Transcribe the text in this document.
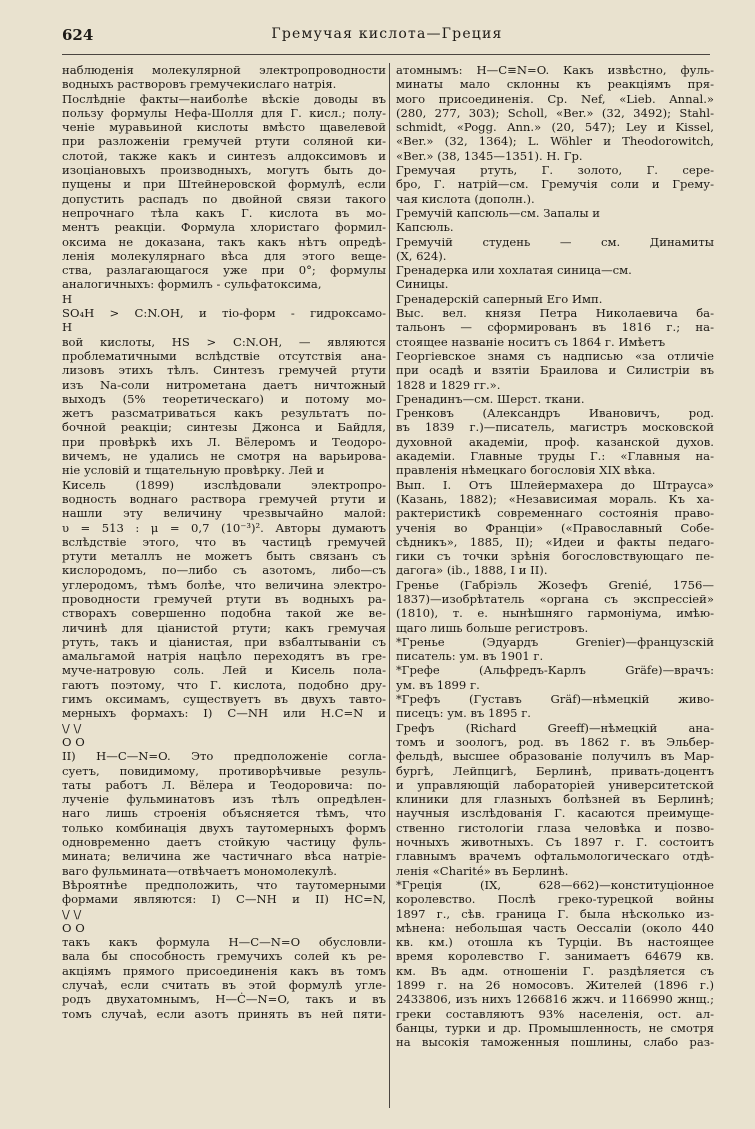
624	Гремучая кислота—Греция
наблюденія молекулярной электропроводности
водныхъ растворовъ гремучекислаго натрія.
Послѣдніе факты—наиболѣе вѣскіе доводы въ
пользу формулы Нефа-Шолля для Г. кисл.; полу-
ченіе муравьиной кислоты вмѣсто щавелевой
при разложеніи гремучей ртути соляной ки-
слотой, также какъ и синтезъ алдоксимовъ и
изоціановыхъ производныхъ, могутъ быть до-
пущены и при Штейнеровской формулѣ, если
допустить распадъ по двойной связи такого
непрочнаго тѣла какъ Г. кислота въ мо-
ментъ реакціи. Формула хлористаго формил-
оксима не доказана, такъ какъ нѣтъ опредѣ-
ленія молекулярнаго вѣса для этого веще-
ства, разлагающагося уже при 0°; формулы
аналогичныхъ: формилъ - сульфатоксима,
H
SO₄H > C:N.OH, и тіо-форм - гидроксамо-
H
вой кислоты, HS > C:N.OH, — являются
проблематичными вслѣдствіе отсутствія ана-
лизовъ этихъ тѣлъ. Синтезъ гремучей ртути
изъ Na-соли нитрометана даетъ ничтожный
выходъ (5% теоретическаго) и потому мо-
жетъ разсматриваться какъ результатъ по-
бочной реакціи; синтезы Джонса и Байдля,
при провѣркѣ ихъ Л. Вёлеромъ и Теодоро-
вичемъ, не удались не смотря на варьирова-
ніе условій и тщательную провѣрку. Лей и
Кисель (1899) изслѣдовали электропро-
водность воднаго раствора гремучей ртути и
нашли эту величину чрезвычайно малой:
υ = 513 : μ = 0,7 (10⁻³)². Авторы думаютъ
вслѣдствіе этого, что въ частицѣ гремучей
ртути металлъ не можетъ быть связанъ съ
кислородомъ, по—либо съ азотомъ, либо—съ
углеродомъ, тѣмъ болѣе, что величина электро-
проводности гремучей ртути въ водныхъ ра-
створахъ совершенно подобна такой же ве-
личинѣ для ціанистой ртути; какъ гремучая
ртуть, такъ и ціанистая, при взбалтываніи съ
амальгамой натрія нацѣло переходятъ въ гре-
муче-натровую соль. Лей и Кисель пола-
гаютъ поэтому, что Г. кислота, подобно дру-
гимъ оксимамъ, существуетъ въ двухъ тавто-
мерныхъ формахъ: I) C—NH или H.C=N и
\/ \/
O O
II) H—C—N=O. Это предположеніе соглa-
суетъ, повидимому, противорѣчивые резуль-
таты работъ Л. Вёлера и Теодоровича: по-
лученіе фульминатовъ изъ тѣлъ опредѣлен-
наго лишь строенія объясняется тѣмъ, что
только комбинація двухъ таутомерныхъ формъ
одновременно даетъ стойкую частицу фуль-
мината; величина же частичнаго вѣса натріе-
ваго фульмината—отвѣчаетъ мономолекулѣ.
Вѣроятнѣе предположить, что таутомерными
формами являются: I) C—NH и II) HC=N,
\/ \/
O O
такъ какъ формула H—C—N=O обусловли-
вала бы способность гремучихъ солей къ ре-
акціямъ прямого присоединенія какъ въ томъ
случаѣ, если считать въ этой формулѣ угле-
родъ двухатомнымъ, H—Ċ—N=O, такъ и въ
томъ случаѣ, если азотъ принять въ ней пяти-
атомнымъ: H—C≡N=O. Какъ извѣстно, фуль-
минаты мало склонны къ реакціямъ пря-
мого присоединенія. Ср. Nef, «Lieb. Annal.»
(280, 277, 303); Scholl, «Ber.» (32, 3492); Stahl-
schmidt, «Pogg. Ann.» (20, 547); Ley и Kissel,
«Ber.» (32, 1364); L. Wöhler и Theodorowitch,
«Ber.» (38, 1345—1351). Н. Гр.
Гремучая ртуть, Г. золото, Г. сере-
бро, Г. натрій—см. Гремучія соли и Грему-
чая кислота (дополн.).
Гремучій капсюль—см. Запалы и
Капсюль.
Гремучій студень — см. Динамиты
(X, 624).
Гренадерка или хохлатая синица—см.
Синицы.
Гренадерскій саперный Его Имп.
Выс. вел. князя Петра Николаевича ба-
тальонъ — сформированъ въ 1816 г.; на-
стоящее названіе носитъ съ 1864 г. Имѣетъ
Георгіевское знамя съ надписью «за отличіе
при осадѣ и взятіи Браилова и Силистріи въ
1828 и 1829 гг.».
Гренадинъ—см. Шерст. ткани.
Гренковъ (Александръ Ивановичъ, род.
въ 1839 г.)—писатель, магистръ московской
духовной академіи, проф. казанской духов.
академіи. Главные труды Г.: «Главныя на-
правленія нѣмецкаго богословія XIX вѣка.
Вып. I. Отъ Шлейермахера до Штрауса»
(Казань, 1882); «Независимая мораль. Къ ха-
рактеристикѣ современнаго состоянія право-
ученія во Франціи» («Православный Собе-
сѣдникъ», 1885, II); «Идеи и факты педаго-
гики съ точки зрѣнія богословствующаго пе-
дагога» (ib., 1888, I и II).
Греньe (Габріэль Жозефъ Grenié, 1756—
1837)—изобрѣтатель «органа съ экспрессіей»
(1810), т. е. нынѣшняго гармоніума, имѣю-
щаго лишь больше регистровъ.
*Греньe (Эдуардъ Grenier)—французскій
писатель: ум. въ 1901 г.
*Грефе (Альфредъ-Карлъ Gräfe)—врачъ:
ум. въ 1899 г.
*Грефъ (Густавъ Gräf)—нѣмецкій живо-
писецъ: ум. въ 1895 г.
Грефъ (Richard Greeff)—нѣмецкій ана-
томъ и зоологъ, род. въ 1862 г. въ Эльбер-
фельдѣ, высшее образованіе получилъ въ Мар-
бургѣ, Лейпцигѣ, Берлинѣ, привать-доцентъ
и управляющій лабораторіей университетской
клиники для глазныхъ болѣзней въ Берлинѣ;
научныя изслѣдованія Г. касаются преимуще-
ственно гистологіи глаза человѣка и позво-
ночныхъ животныхъ. Съ 1897 г. Г. состоитъ
главнымъ врачемъ офтальмологическаго отдѣ-
ленія «Charité» въ Берлинѣ.
*Греція (IX, 628—662)—конституціонное
королевство. Послѣ греко-турецкой войны
1897 г., сѣв. граница Г. была нѣсколько из-
мѣнена: небольшая часть Оессаліи (около 440
кв. км.) отошла къ Турціи. Въ настоящее
время королевство Г. занимаетъ 64679 кв.
км. Въ адм. отношеніи Г. раздѣляется съ
1899 г. на 26 номосовъ. Жителей (1896 г.)
2433806, изъ нихъ 1266816 жжч. и 1166990 жнщ.;
греки составляютъ 93% населенія, ост. ал-
банцы, турки и др. Промышленность, не смотря
на высокія таможенныя пошлины, слабо раз-
